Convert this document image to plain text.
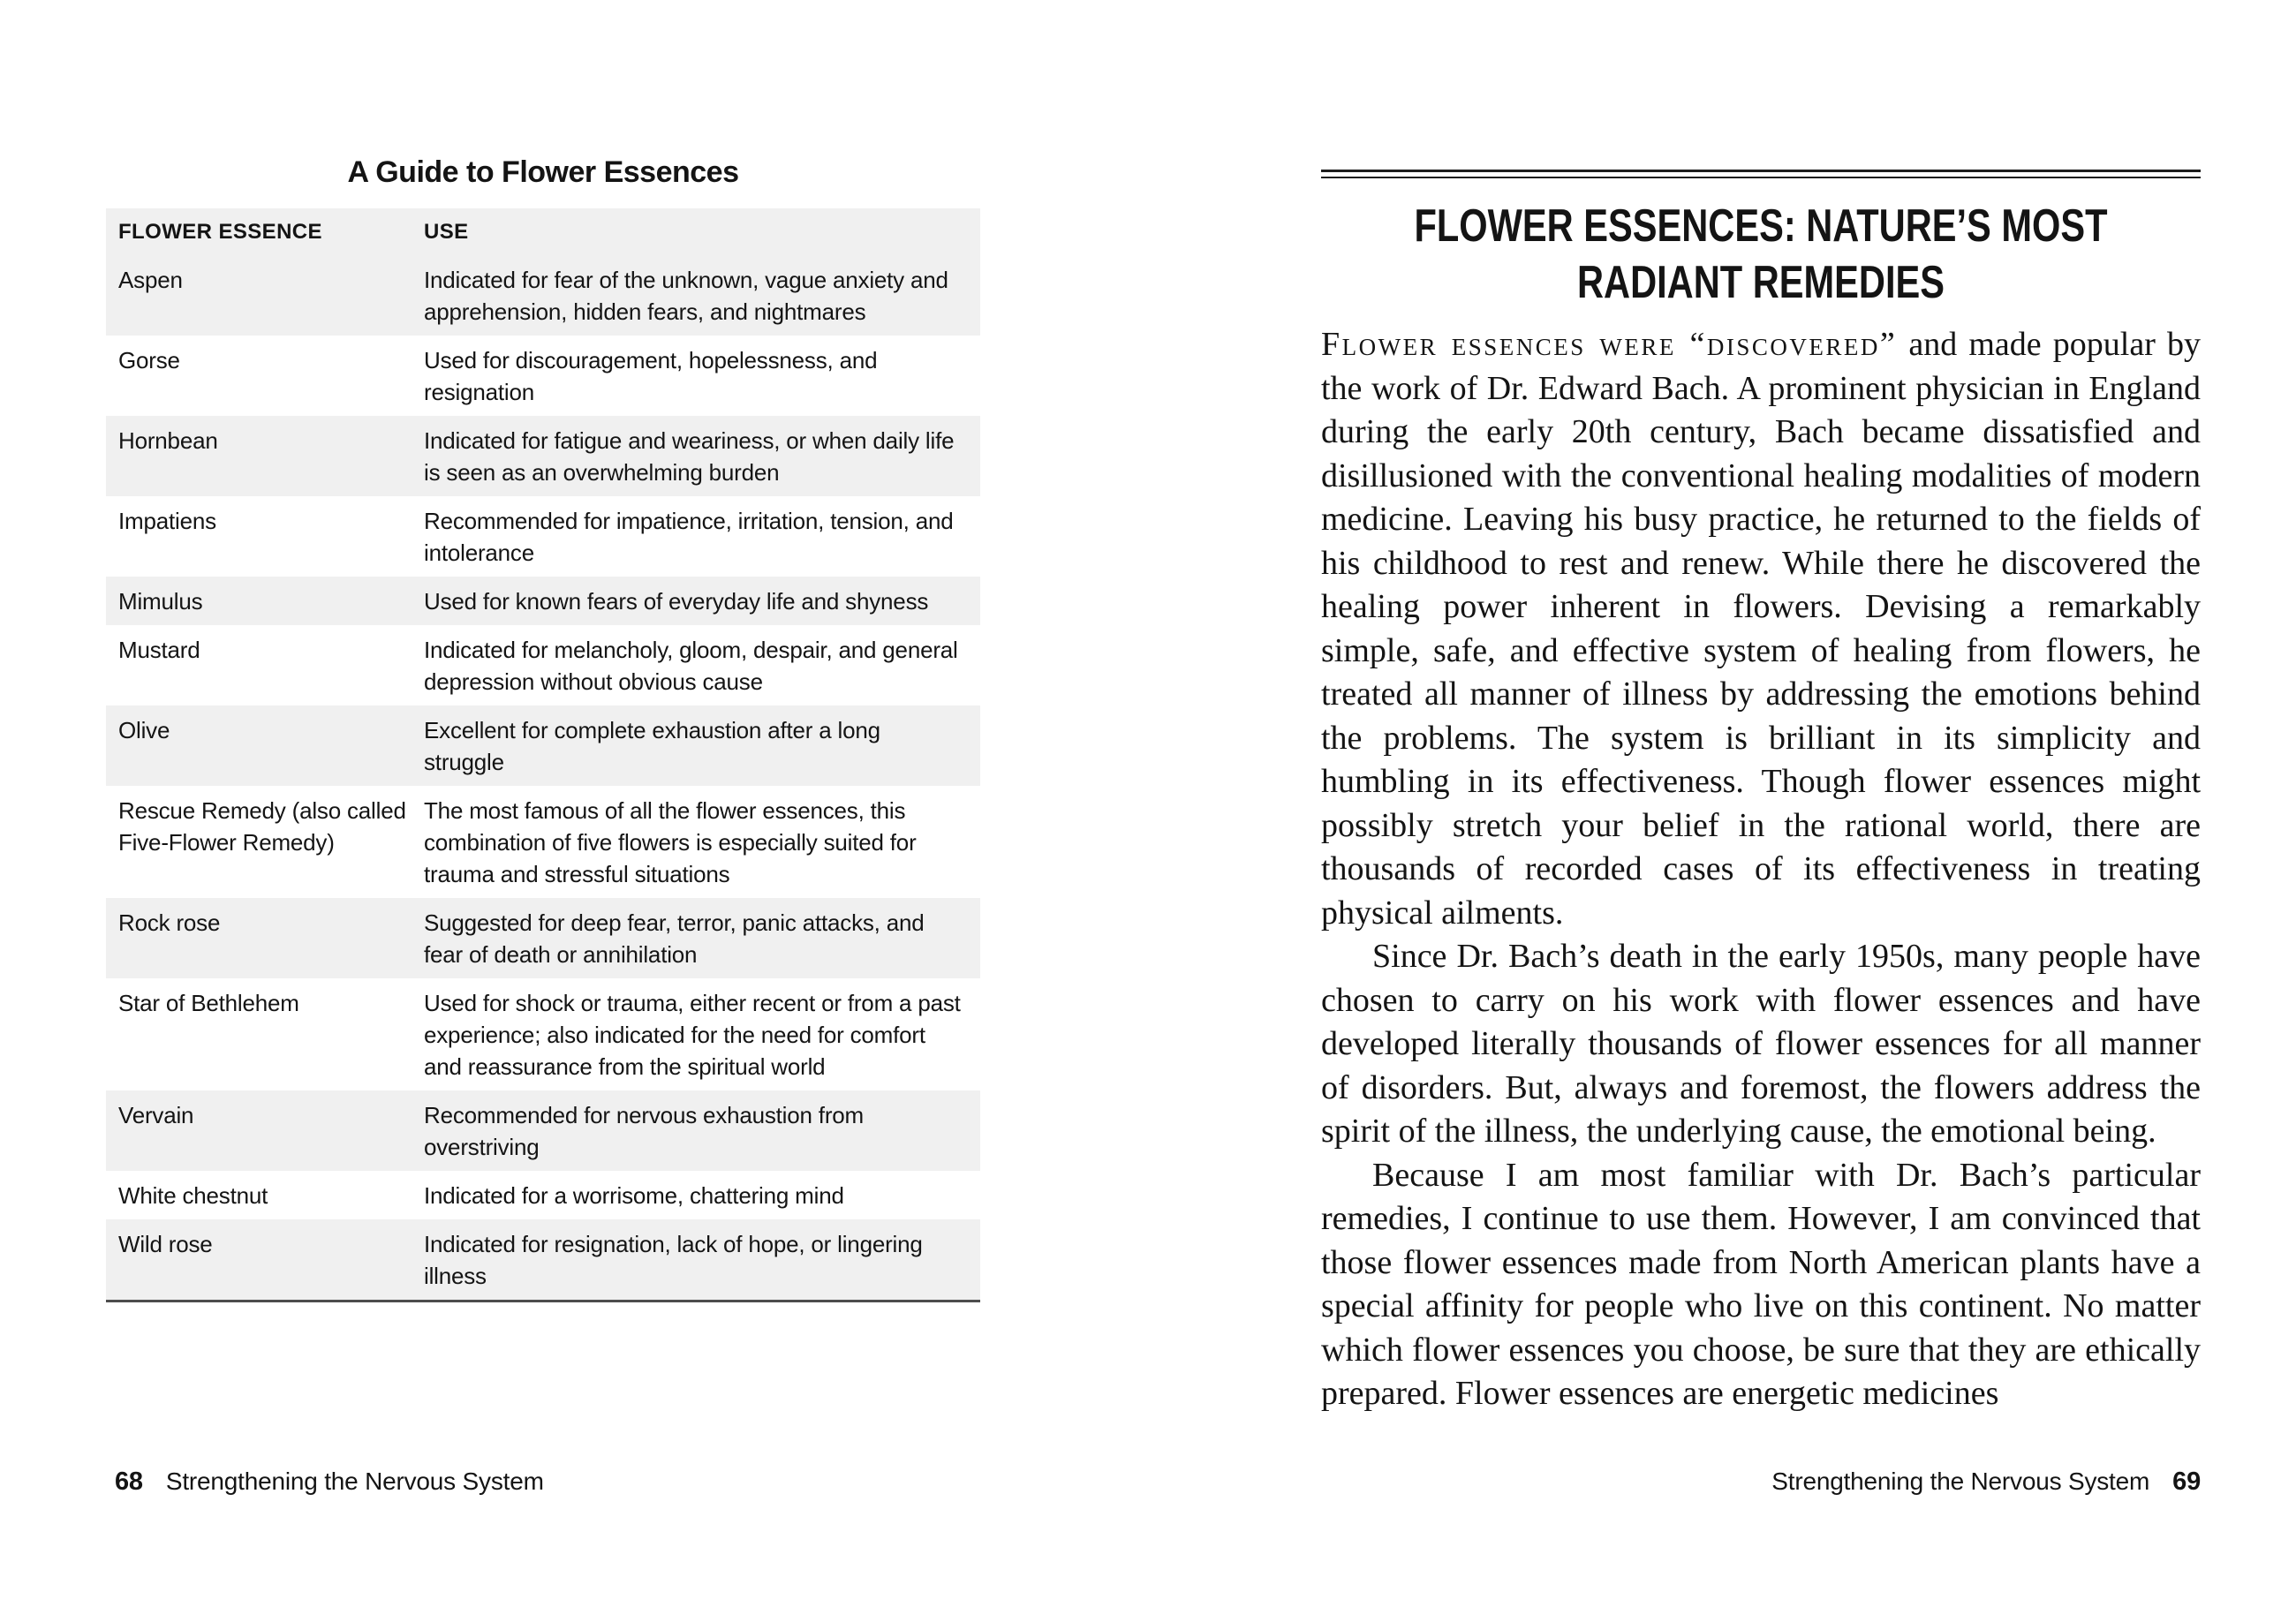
A Guide to Flower Essences
FLOWER ESSENCE	USE
Aspen	Indicated for fear of the unknown, vague anxiety and apprehension, hidden fears, and nightmares
Gorse	Used for discouragement, hopelessness, and resignation
Hornbean	Indicated for fatigue and weariness, or when daily life is seen as an overwhelming burden
Impatiens	Recommended for impatience, irritation, tension, and intolerance
Mimulus	Used for known fears of everyday life and shyness
Mustard	Indicated for melancholy, gloom, despair, and general depression without obvious cause
Olive	Excellent for complete exhaustion after a long struggle
Rescue Remedy (also called Five-Flower Remedy)	The most famous of all the flower essences, this combination of five flowers is especially suited for trauma and stressful situations
Rock rose	Suggested for deep fear, terror, panic attacks, and fear of death or annihilation
Star of Bethlehem	Used for shock or trauma, either recent or from a past experience; also indicated for the need for comfort and reassurance from the spiritual world
Vervain	Recommended for nervous exhaustion from overstriving
White chestnut	Indicated for a worrisome, chattering mind
Wild rose	Indicated for resignation, lack of hope, or lingering illness
68 Strengthening the Nervous System
FLOWER ESSENCES: NATURE’S MOST
RADIANT REMEDIES

Flower essences were “discovered” and made popular by the work of Dr. Edward Bach. A prominent physician in England during the early 20th century, Bach became dissatisfied and disillusioned with the conventional healing modalities of modern medicine. Leaving his busy practice, he returned to the fields of his childhood to rest and renew. While there he discovered the healing power inherent in flowers. Devising a remarkably simple, safe, and effective system of healing from flowers, he treated all manner of illness by addressing the emotions behind the problems. The system is brilliant in its simplicity and humbling in its effectiveness. Though flower essences might possibly stretch your belief in the rational world, there are thousands of recorded cases of its effectiveness in treating physical ailments.

Since Dr. Bach’s death in the early 1950s, many people have chosen to carry on his work with flower essences and have developed literally thousands of flower essences for all manner of disorders. But, always and foremost, the flowers address the spirit of the illness, the underlying cause, the emotional being.

Because I am most familiar with Dr. Bach’s particular remedies, I continue to use them. However, I am convinced that those flower essences made from North American plants have a special affinity for people who live on this continent. No matter which flower essences you choose, be sure that they are ethically prepared. Flower essences are energetic medicines

Strengthening the Nervous System 69
